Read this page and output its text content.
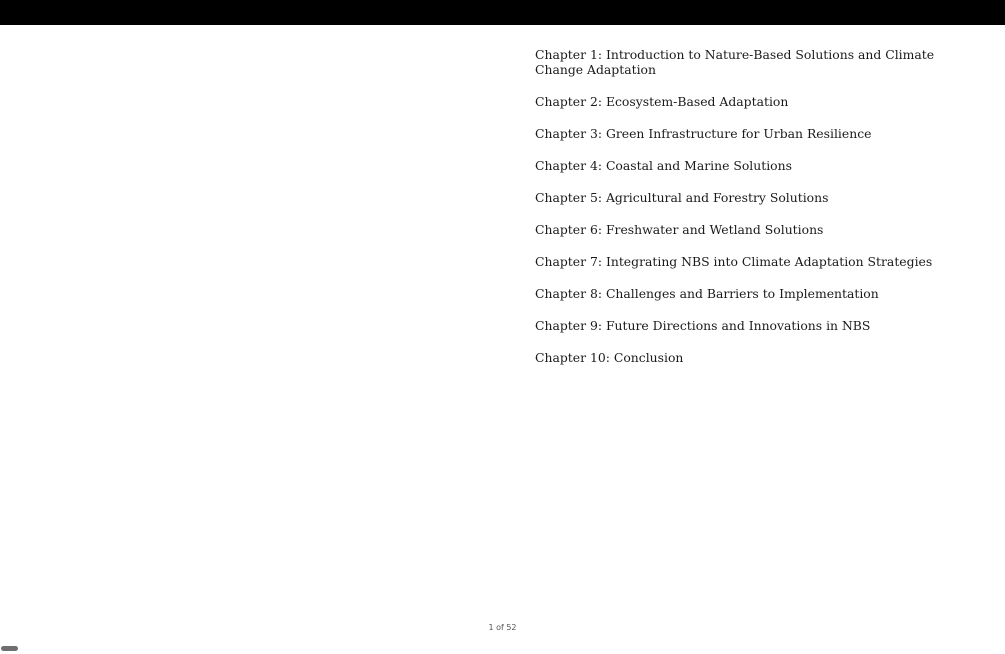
Chapter 1: Introduction to Nature-Based Solutions and Climate Change Adaptation
Chapter 2: Ecosystem-Based Adaptation
Chapter 3: Green Infrastructure for Urban Resilience
Chapter 4: Coastal and Marine Solutions
Chapter 5: Agricultural and Forestry Solutions
Chapter 6: Freshwater and Wetland Solutions
Chapter 7: Integrating NBS into Climate Adaptation Strategies
Chapter 8: Challenges and Barriers to Implementation
Chapter 9: Future Directions and Innovations in NBS
Chapter 10: Conclusion
1 of 52
